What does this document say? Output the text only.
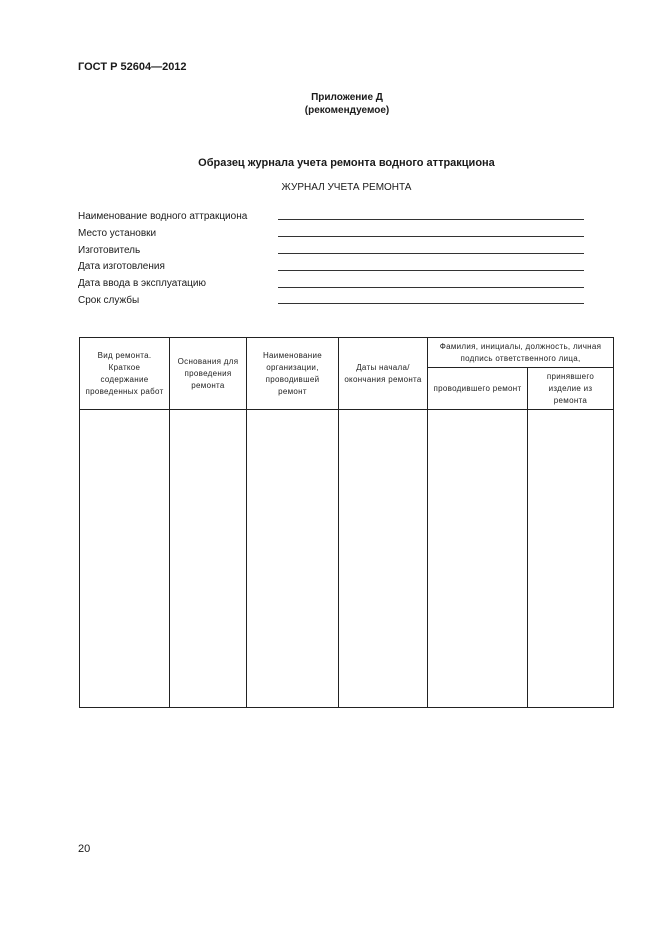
ГОСТ Р 52604—2012
Приложение Д
(рекомендуемое)
Образец журнала учета ремонта водного аттракциона
ЖУРНАЛ УЧЕТА РЕМОНТА
Наименование водного аттракциона
Место установки
Изготовитель
Дата изготовления
Дата ввода в эксплуатацию
Срок службы
Вид ремонта. Краткое содержание проведенных работ	Основания для проведения ремонта	Наименование организации, проводившей ремонт	Даты начала/окончания ремонта	Фамилия, инициалы, должность, личная подпись ответственного лица,	
				проводившего ремонт	принявшего изделие из ремонта

20
